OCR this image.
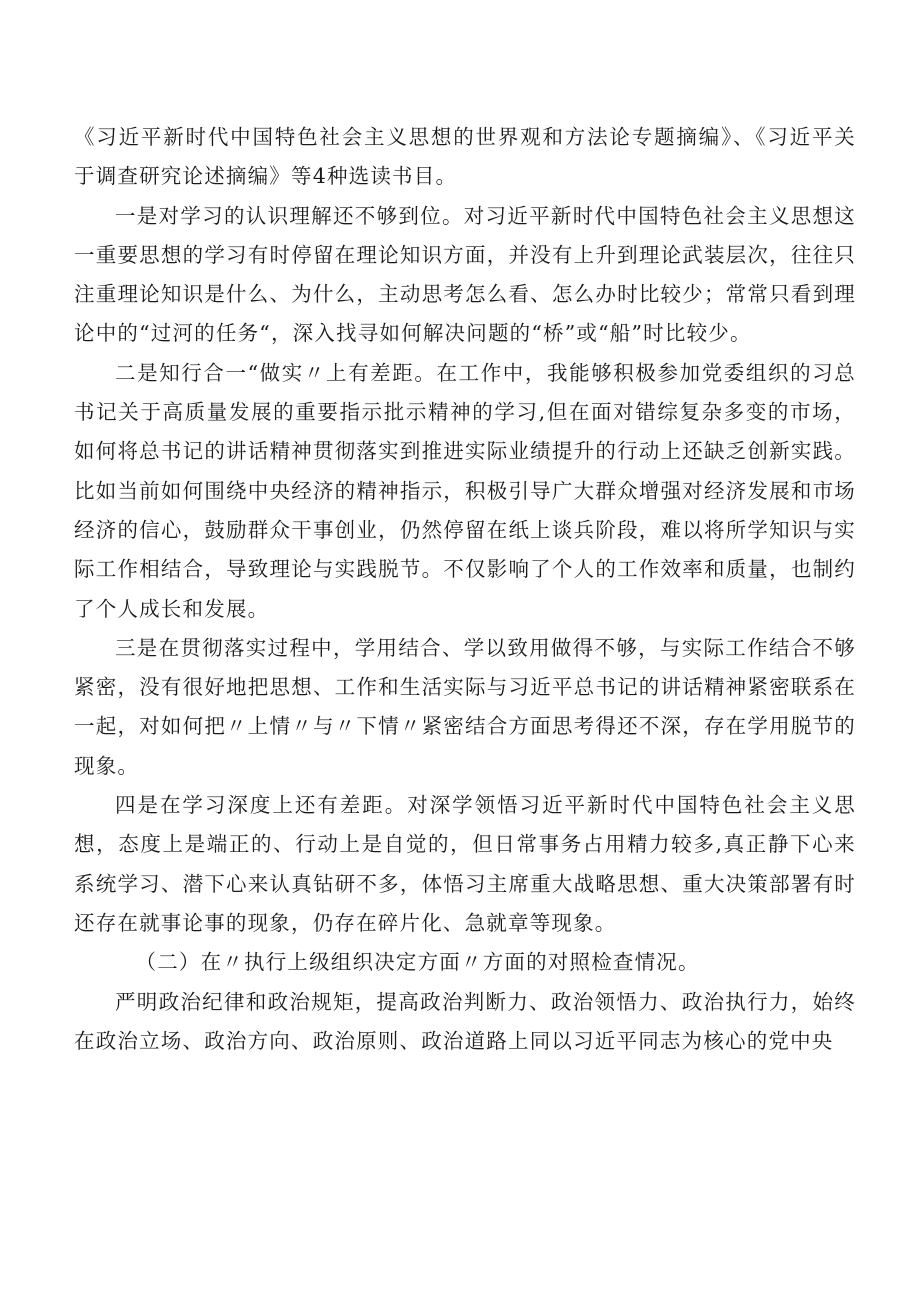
《习近平新时代中国特色社会主义思想的世界观和方法论专题摘编》、《习近平关于调查研究论述摘编》等4种选读书目。

一是对学习的认识理解还不够到位。对习近平新时代中国特色社会主义思想这一重要思想的学习有时停留在理论知识方面，并没有上升到理论武装层次，往往只注重理论知识是什么、为什么，主动思考怎么看、怎么办时比较少；常常只看到理论中的“过河的任务“，深入找寻如何解决问题的“桥”或“船”时比较少。

二是知行合一“做实〃上有差距。在工作中，我能够积极参加党委组织的习总书记关于高质量发展的重要指示批示精神的学习,但在面对错综复杂多变的市场，如何将总书记的讲话精神贯彻落实到推进实际业绩提升的行动上还缺乏创新实践。比如当前如何围绕中央经济的精神指示，积极引导广大群众增强对经济发展和市场经济的信心，鼓励群众干事创业，仍然停留在纸上谈兵阶段，难以将所学知识与实际工作相结合，导致理论与实践脱节。不仅影响了个人的工作效率和质量，也制约了个人成长和发展。

三是在贯彻落实过程中，学用结合、学以致用做得不够，与实际工作结合不够紧密，没有很好地把思想、工作和生活实际与习近平总书记的讲话精神紧密联系在一起，对如何把〃上情〃与〃下情〃紧密结合方面思考得还不深，存在学用脱节的现象。

四是在学习深度上还有差距。对深学领悟习近平新时代中国特色社会主义思想，态度上是端正的、行动上是自觉的，但日常事务占用精力较多,真正静下心来系统学习、潜下心来认真钻研不多，体悟习主席重大战略思想、重大决策部署有时还存在就事论事的现象，仍存在碎片化、急就章等现象。

（二）在〃执行上级组织决定方面〃方面的对照检查情况。

严明政治纪律和政治规矩，提高政治判断力、政治领悟力、政治执行力，始终在政治立场、政治方向、政治原则、政治道路上同以习近平同志为核心的党中央
